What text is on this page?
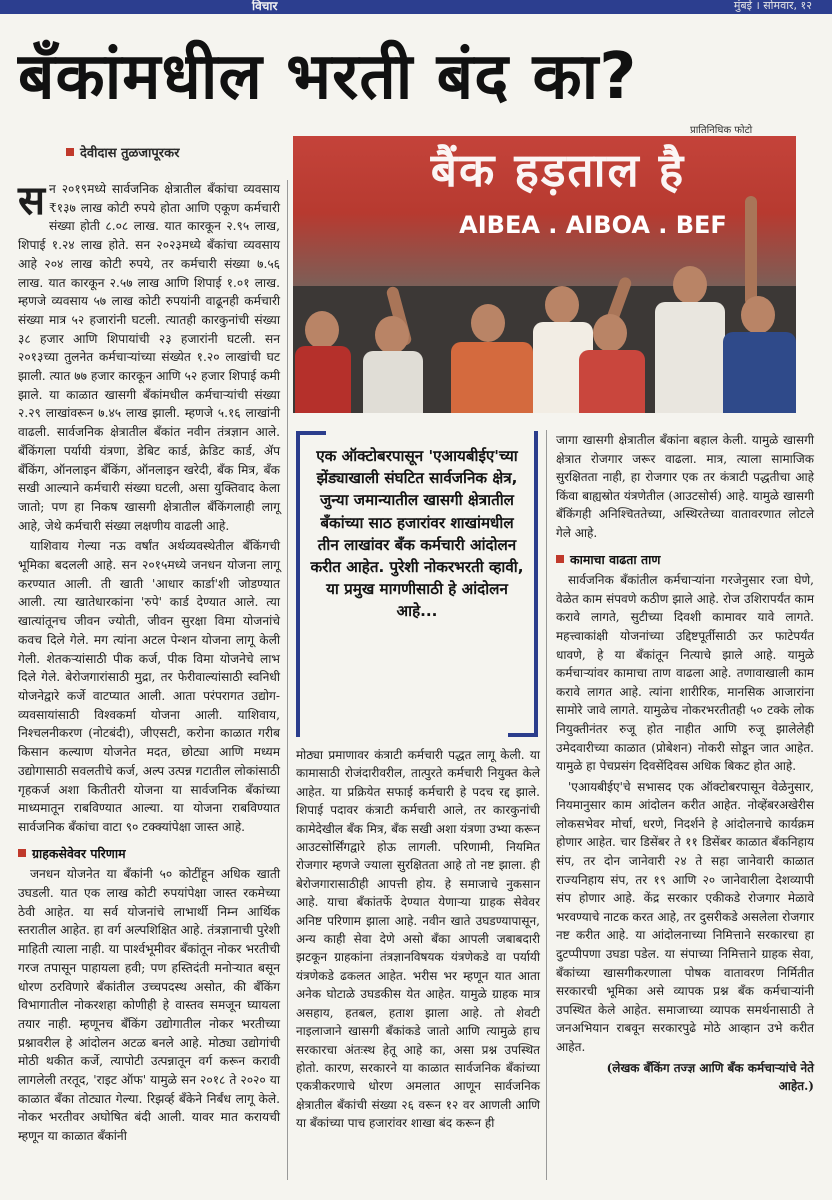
विचार	मुंबई । सोमवार, १२
बँकांमधील भरती बंद का?
प्रातिनिधिक फोटो
देवीदास तुळजापूरकर	बैंक हड़ताल है
AIBEA . AIBOA . BEF

सन २०१९मध्ये सार्वजनिक क्षेत्रातील बँकांचा व्यवसाय ₹१३७ लाख कोटी रुपये होता आणि एकूण कर्मचारी संख्या होती ८.०८ लाख. यात कारकून २.९५ लाख, शिपाई १.२४ लाख होते. सन २०२३मध्ये बँकांचा व्यवसाय आहे २०४ लाख कोटी रुपये, तर कर्मचारी संख्या ७.५६ लाख. यात कारकून २.५७ लाख आणि शिपाई १.०१ लाख. म्हणजे व्यवसाय ५७ लाख कोटी रुपयांनी वाढूनही कर्मचारी संख्या मात्र ५२ हजारांनी घटली. त्यातही कारकुनांची संख्या ३८ हजार आणि शिपायांची २३ हजारांनी घटली. सन २०१३च्या तुलनेत कर्मचाऱ्यांच्या संख्येत १.२० लाखांची घट झाली. त्यात ७७ हजार कारकून आणि ५२ हजार शिपाई कमी झाले. या काळात खासगी बँकांमधील कर्मचाऱ्यांची संख्या २.२९ लाखांवरून ७.४५ लाख झाली. म्हणजे ५.१६ लाखांनी वाढली. सार्वजनिक क्षेत्रातील बँकांत नवीन तंत्रज्ञान आले. बँकिंगला पर्यायी यंत्रणा, डेबिट कार्ड, क्रेडिट कार्ड, ॲप बँकिंग, ऑनलाइन बँकिंग, ऑनलाइन खरेदी, बँक मित्र, बँक सखी आल्याने कर्मचारी संख्या घटली, असा युक्तिवाद केला जातो; पण हा निकष खासगी क्षेत्रातील बँकिंगलाही लागू आहे, जेथे कर्मचारी संख्या लक्षणीय वाढली आहे.

याशिवाय गेल्या नऊ वर्षांत अर्थव्यवस्थेतील बँकिंगची भूमिका बदलली आहे. सन २०१५मध्ये जनधन योजना लागू करण्यात आली. ती खाती 'आधार कार्डा'शी जोडण्यात आली. त्या खातेधारकांना 'रुपे' कार्ड देण्यात आले. त्या खात्यांतूनच जीवन ज्योती, जीवन सुरक्षा विमा योजनांचे कवच दिले गेले. मग त्यांना अटल पेन्शन योजना लागू केली गेली. शेतकऱ्यांसाठी पीक कर्ज, पीक विमा योजनेचे लाभ दिले गेले. बेरोजगारांसाठी मुद्रा, तर फेरीवाल्यांसाठी स्वनिधी योजनेद्वारे कर्जे वाटप्यात आली. आता परंपरागत उद्योग-व्यवसायांसाठी विश्वकर्मा योजना आली. याशिवाय, निश्चलनीकरण (नोटबंदी), जीएसटी, करोना काळात गरीब किसान कल्याण योजनेत मदत, छोट्या आणि मध्यम उद्योगासाठी सवलतीचे कर्ज, अल्प उत्पन्न गटातील लोकांसाठी गृहकर्ज अशा कितीतरी योजना या सार्वजनिक बँकांच्या माध्यमातून राबविण्यात आल्या. या योजना राबविण्यात सार्वजनिक बँकांचा वाटा ९० टक्क्यांपेक्षा जास्त आहे.

ग्राहकसेवेवर परिणाम

जनधन योजनेत या बँकांनी ५० कोटींहून अधिक खाती उघडली. यात एक लाख कोटी रुपयांपेक्षा जास्त रकमेच्या ठेवी आहेत. या सर्व योजनांचे लाभार्थी निम्न आर्थिक स्तरातील आहेत. हा वर्ग अल्पशिक्षित आहे. तंत्रज्ञानाची पुरेशी माहिती त्याला नाही. या पार्श्वभूमीवर बँकांतून नोकर भरतीची गरज तपासून पाहायला हवी; पण हस्तिदंती मनोऱ्यात बसून धोरण ठरविणारे बँकांतील उच्चपदस्थ असोत, की बँकिंग विभागातील नोकरशहा कोणीही हे वास्तव समजून घ्यायला तयार नाही. म्हणूनच बँकिंग उद्योगातील नोकर भरतीच्या प्रश्नावरील हे आंदोलन अटळ बनले आहे. मोठ्या उद्योगांची मोठी थकीत कर्जे, त्यापोटी उत्पन्नातून वर्ग करून करावी लागलेली तरतूद, 'राइट ऑफ' यामुळे सन २०१८ ते २०२० या काळात बँका तोट्यात गेल्या. रिझर्व्ह बँकेने निर्बंध लागू केले. नोकर भरतीवर अघोषित बंदी आली. यावर मात करायची म्हणून या काळात बँकांनी

एक ऑक्टोबरपासून 'एआयबीईए'च्या झेंड्याखाली संघटित सार्वजनिक क्षेत्र, जुन्या जमान्यातील खासगी क्षेत्रातील बँकांच्या साठ हजारांवर शाखांमधील तीन लाखांवर बँक कर्मचारी आंदोलन करीत आहेत. पुरेशी नोकरभरती व्हावी, या प्रमुख मागणीसाठी हे आंदोलन आहे...

मोठ्या प्रमाणावर कंत्राटी कर्मचारी पद्धत लागू केली. या कामासाठी रोजंदारीवरील, तात्पुरते कर्मचारी नियुक्त केले आहेत. या प्रक्रियेत सफाई कर्मचारी हे पदच रद्द झाले. शिपाई पदावर कंत्राटी कर्मचारी आले, तर कारकुनांची कामेदेखील बँक मित्र, बँक सखी अशा यंत्रणा उभ्या करून आउटसोर्सिंगद्वारे होऊ लागली. परिणामी, नियमित रोजगार म्हणजे ज्याला सुरक्षितता आहे तो नष्ट झाला. ही बेरोजगारासाठीही आपत्ती होय. हे समाजाचे नुकसान आहे. याचा बँकांतर्फे देण्यात येणाऱ्या ग्राहक सेवेवर अनिष्ट परिणाम झाला आहे. नवीन खाते उघडण्यापासून, अन्य काही सेवा देणे असो बँका आपली जबाबदारी झटकून ग्राहकांना तंत्रज्ञानविषयक यंत्रणेकडे वा पर्यायी यंत्रणेकडे ढकलत आहेत. भरीस भर म्हणून यात आता अनेक घोटाळे उघडकीस येत आहेत. यामुळे ग्राहक मात्र असहाय, हतबल, हताश झाला आहे. तो शेवटी नाइलाजाने खासगी बँकांकडे जातो आणि त्यामुळे हाच सरकारचा अंतःस्थ हेतू आहे का, असा प्रश्न उपस्थित होतो. कारण, सरकारने या काळात सार्वजनिक बँकांच्या एकत्रीकरणाचे धोरण अमलात आणून सार्वजनिक क्षेत्रातील बँकांची संख्या २६ वरून १२ वर आणली आणि या बँकांच्या पाच हजारांवर शाखा बंद करून ही

जागा खासगी क्षेत्रातील बँकांना बहाल केली. यामुळे खासगी क्षेत्रात रोजगार जरूर वाढला. मात्र, त्याला सामाजिक सुरक्षितता नाही, हा रोजगार एक तर कंत्राटी पद्धतीचा आहे किंवा बाह्यस्रोत यंत्रणेतील (आउटसोर्स) आहे. यामुळे खासगी बँकिंगही अनिश्चिततेच्या, अस्थिरतेच्या वातावरणात लोटले गेले आहे.

कामाचा वाढता ताण

सार्वजनिक बँकांतील कर्मचाऱ्यांना गरजेनुसार रजा घेणे, वेळेत काम संपवणे कठीण झाले आहे. रोज उशिरापर्यंत काम करावे लागते, सुटीच्या दिवशी कामावर यावे लागते. महत्त्वाकांक्षी योजनांच्या उद्दिष्टपूर्तीसाठी ऊर फाटेपर्यंत धावणे, हे या बँकांतून नित्याचे झाले आहे. यामुळे कर्मचाऱ्यांवर कामाचा ताण वाढला आहे. तणावाखाली काम करावे लागत आहे. त्यांना शारीरिक, मानसिक आजारांना सामोरे जावे लागते. यामुळेच नोकरभरतीतही ५० टक्के लोक नियुक्तीनंतर रुजू होत नाहीत आणि रुजू झालेलेही उमेदवारीच्या काळात (प्रोबेशन) नोकरी सोडून जात आहेत. यामुळे हा पेचप्रसंग दिवसेंदिवस अधिक बिकट होत आहे.

'एआयबीईए'चे सभासद एक ऑक्टोबरपासून वेळेनुसार, नियमानुसार काम आंदोलन करीत आहेत. नोव्हेंबरअखेरीस लोकसभेवर मोर्चा, धरणे, निदर्शने हे आंदोलनाचे कार्यक्रम होणार आहेत. चार डिसेंबर ते ११ डिसेंबर काळात बँकनिहाय संप, तर दोन जानेवारी २४ ते सहा जानेवारी काळात राज्यनिहाय संप, तर १९ आणि २० जानेवारीला देशव्यापी संप होणार आहे. केंद्र सरकार एकीकडे रोजगार मेळावे भरवण्याचे नाटक करत आहे, तर दुसरीकडे असलेला रोजगार नष्ट करीत आहे. या आंदोलनाच्या निमित्ताने सरकारचा हा दुटप्पीपणा उघडा पडेल. या संपाच्या निमित्ताने ग्राहक सेवा, बँकांच्या खासगीकरणाला पोषक वातावरण निर्मितीत सरकारची भूमिका असे व्यापक प्रश्न बँक कर्मचाऱ्यांनी उपस्थित केले आहेत. समाजाच्या व्यापक समर्थनासाठी ते जनअभियान राबवून सरकारपुढे मोठे आव्हान उभे करीत आहेत.

(लेखक बँकिंग तज्ज्ञ आणि बँक कर्मचाऱ्यांचे नेते आहेत.)
